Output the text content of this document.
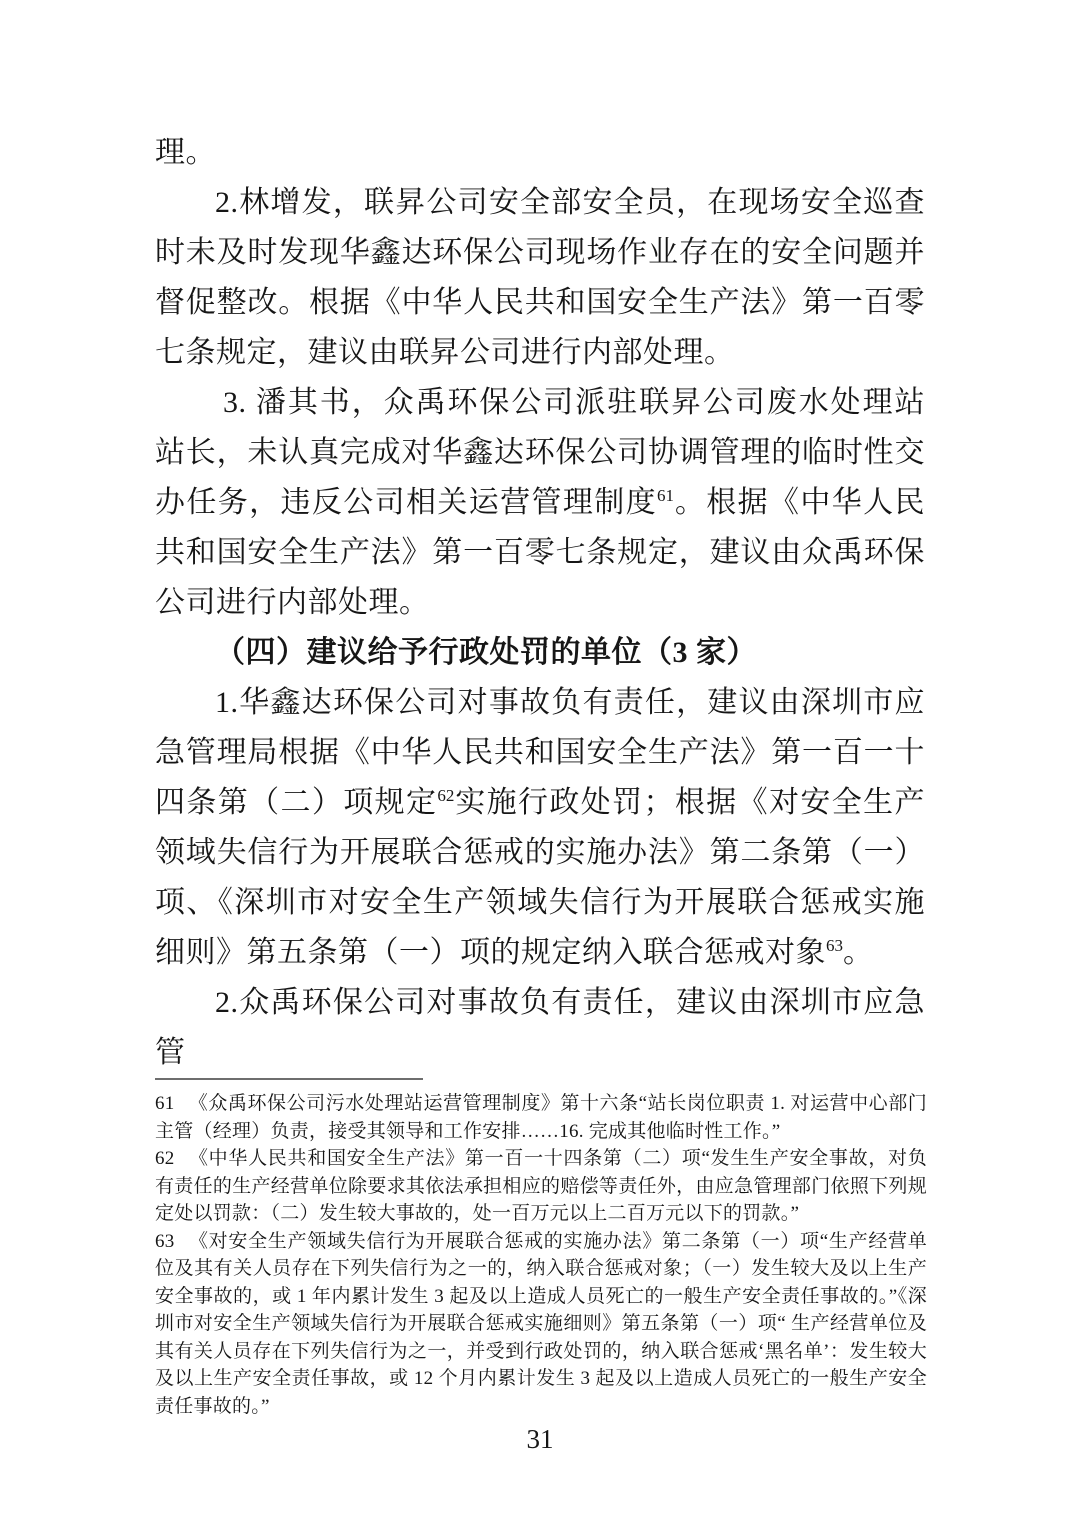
理。

2.林增发，联昇公司安全部安全员，在现场安全巡查时未及时发现华鑫达环保公司现场作业存在的安全问题并督促整改。根据《中华人民共和国安全生产法》第一百零七条规定，建议由联昇公司进行内部处理。

3. 潘其书，众禹环保公司派驻联昇公司废水处理站站长，未认真完成对华鑫达环保公司协调管理的临时性交办任务，违反公司相关运营管理制度$^{61}$。根据《中华人民共和国安全生产法》第一百零七条规定，建议由众禹环保公司进行内部处理。

（四）建议给予行政处罚的单位（3 家）

1.华鑫达环保公司对事故负有责任，建议由深圳市应急管理局根据《中华人民共和国安全生产法》第一百一十四条第（二）项规定$^{62}$实施行政处罚；根据《对安全生产领域失信行为开展联合惩戒的实施办法》第二条第（一）项、《深圳市对安全生产领域失信行为开展联合惩戒实施细则》第五条第（一）项的规定纳入联合惩戒对象$^{63}$。

2.众禹环保公司对事故负有责任，建议由深圳市应急管

61 《众禹环保公司污水处理站运营管理制度》第十六条“站长岗位职责 1. 对运营中心部门主管（经理）负责，接受其领导和工作安排……16. 完成其他临时性工作。”

62 《中华人民共和国安全生产法》第一百一十四条第（二）项“发生生产安全事故，对负有责任的生产经营单位除要求其依法承担相应的赔偿等责任外，由应急管理部门依照下列规定处以罚款：（二）发生较大事故的，处一百万元以上二百万元以下的罚款。”

63 《对安全生产领域失信行为开展联合惩戒的实施办法》第二条第（一）项“生产经营单位及其有关人员存在下列失信行为之一的，纳入联合惩戒对象；（一）发生较大及以上生产安全事故的，或 1 年内累计发生 3 起及以上造成人员死亡的一般生产安全责任事故的。”《深圳市对安全生产领域失信行为开展联合惩戒实施细则》第五条第（一）项“ 生产经营单位及其有关人员存在下列失信行为之一，并受到行政处罚的，纳入联合惩戒‘黑名单’：发生较大及以上生产安全责任事故，或 12 个月内累计发生 3 起及以上造成人员死亡的一般生产安全责任事故的。”

31
